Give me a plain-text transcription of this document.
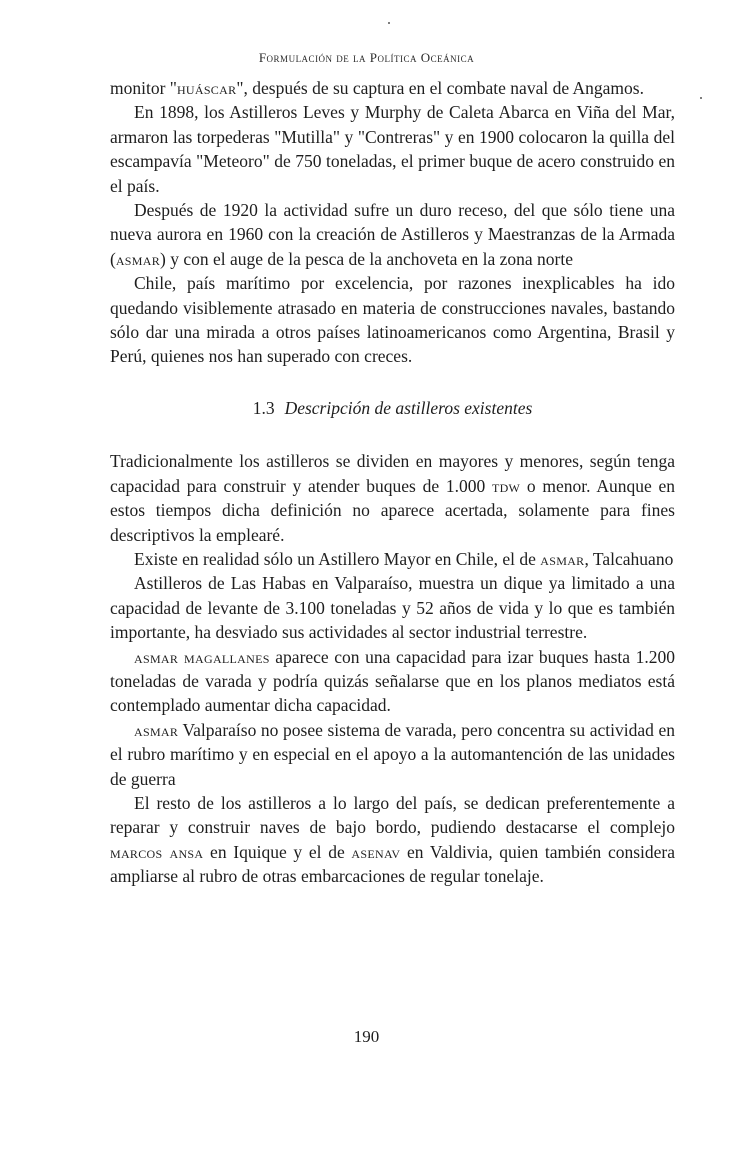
Formulación de la Política Oceánica

monitor "huáscar", después de su captura en el combate naval de Angamos.

En 1898, los Astilleros Leves y Murphy de Caleta Abarca en Viña del Mar, armaron las torpederas "Mutilla" y "Contreras" y en 1900 colocaron la quilla del escampavía "Meteoro" de 750 toneladas, el primer buque de acero construido en el país.

Después de 1920 la actividad sufre un duro receso, del que sólo tiene una nueva aurora en 1960 con la creación de Astilleros y Maestranzas de la Armada (asmar) y con el auge de la pesca de la anchoveta en la zona norte

Chile, país marítimo por excelencia, por razones inexplicables ha ido quedando visiblemente atrasado en materia de construcciones navales, bastando sólo dar una mirada a otros países latinoamericanos como Argentina, Brasil y Perú, quienes nos han superado con creces.

1.3 Descripción de astilleros existentes

Tradicionalmente los astilleros se dividen en mayores y menores, según tenga capacidad para construir y atender buques de 1.000 tdw o menor. Aunque en estos tiempos dicha definición no aparece acertada, solamente para fines descriptivos la emplearé.

Existe en realidad sólo un Astillero Mayor en Chile, el de asmar, Talcahuano

Astilleros de Las Habas en Valparaíso, muestra un dique ya limitado a una capacidad de levante de 3.100 toneladas y 52 años de vida y lo que es también importante, ha desviado sus actividades al sector industrial terrestre.

asmar magallanes aparece con una capacidad para izar buques hasta 1.200 toneladas de varada y podría quizás señalarse que en los planos mediatos está contemplado aumentar dicha capacidad.

asmar Valparaíso no posee sistema de varada, pero concentra su actividad en el rubro marítimo y en especial en el apoyo a la automantención de las unidades de guerra

El resto de los astilleros a lo largo del país, se dedican preferentemente a reparar y construir naves de bajo bordo, pudiendo destacarse el complejo marcos ansa en Iquique y el de asenav en Valdivia, quien también considera ampliarse al rubro de otras embarcaciones de regular tonelaje.

190
